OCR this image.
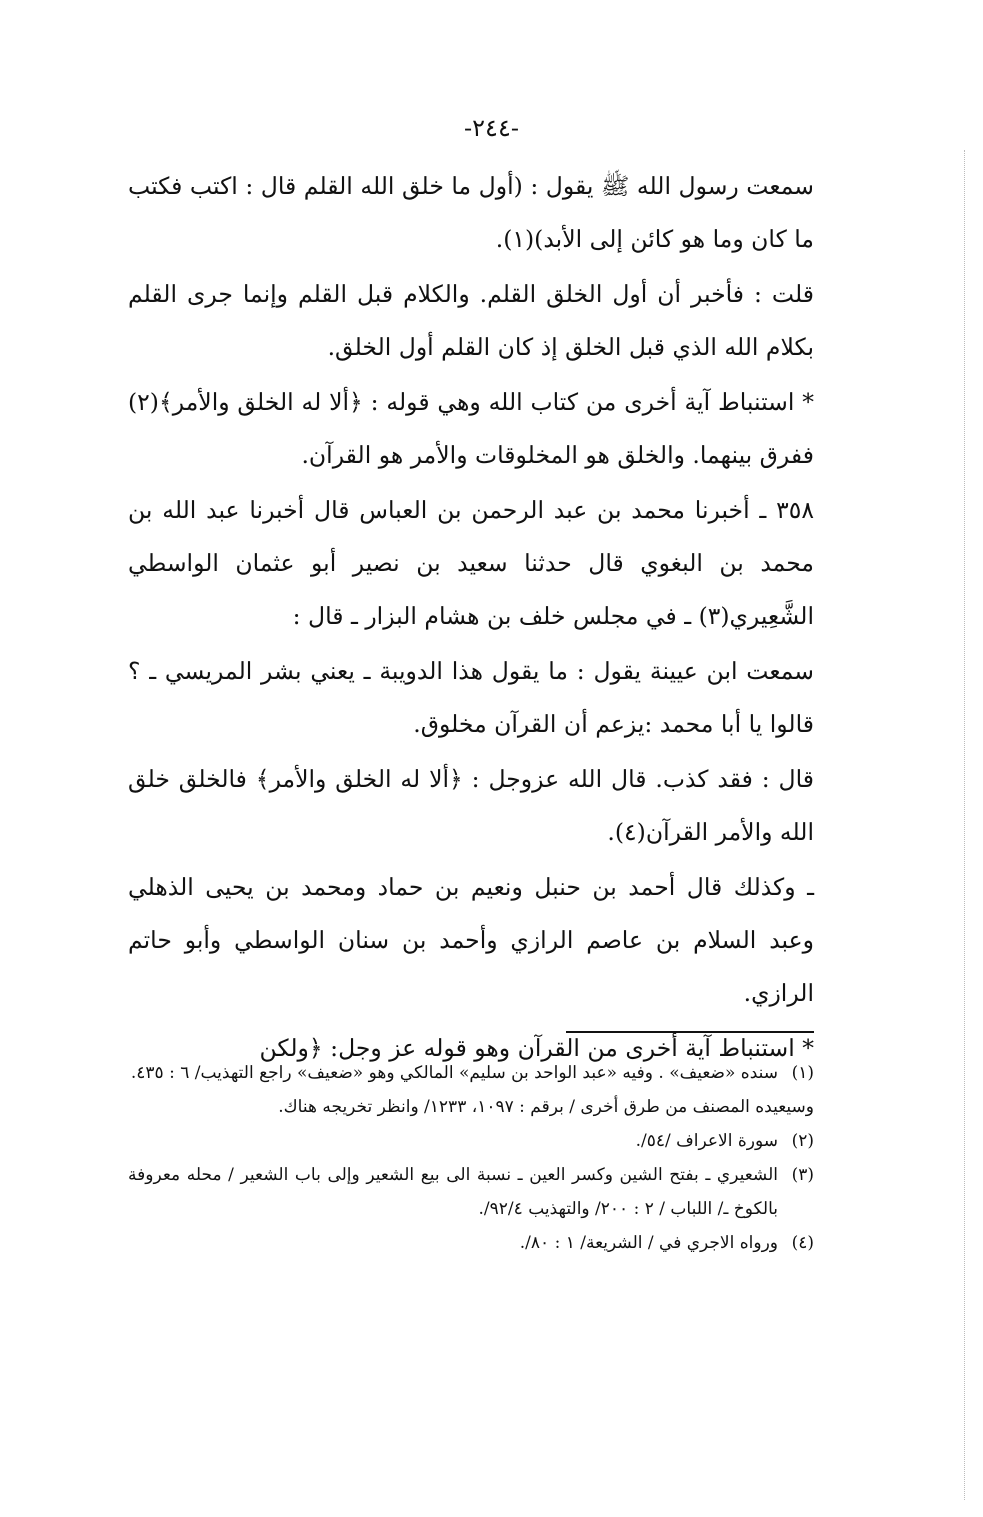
-٢٤٤-

سمعت رسول الله ﷺ يقول : (أول ما خلق الله القلم قال : اكتب فكتب ما كان وما هو كائن إلى الأبد)(١).

قلت : فأخبر أن أول الخلق القلم. والكلام قبل القلم وإنما جرى القلم بكلام الله الذي قبل الخلق إذ كان القلم أول الخلق.

* استنباط آية أخرى من كتاب الله وهي قوله : ﴿ألا له الخلق والأمر﴾(٢) ففرق بينهما. والخلق هو المخلوقات والأمر هو القرآن.

٣٥٨ ـ أخبرنا محمد بن عبد الرحمن بن العباس قال أخبرنا عبد الله بن محمد بن البغوي قال حدثنا سعيد بن نصير أبو عثمان الواسطي الشَّعِيري(٣) ـ في مجلس خلف بن هشام البزار ـ قال :

سمعت ابن عيينة يقول : ما يقول هذا الدويبة ـ يعني بشر المريسي ـ ؟ قالوا يا أبا محمد :يزعم أن القرآن مخلوق.

قال : فقد كذب. قال الله عزوجل : ﴿ألا له الخلق والأمر﴾ فالخلق خلق الله والأمر القرآن(٤).

ـ وكذلك قال أحمد بن حنبل ونعيم بن حماد ومحمد بن يحيى الذهلي وعبد السلام بن عاصم الرازي وأحمد بن سنان الواسطي وأبو حاتم الرازي.

* استنباط آية أخرى من القرآن وهو قوله عز وجل: ﴿ولكن

(١)
سنده «ضعيف» . وفيه «عبد الواحد بن سليم» المالكي وهو «ضعيف» راجع التهذيب/ ٦ : ٤٣٥.

وسيعيده المصنف من طرق أخرى / برقم : ١٠٩٧، ١٢٣٣/ وانظر تخريجه هناك.

(٢)
سورة الاعراف /٥٤/.
(٣)
الشعيري ـ بفتح الشين وكسر العين ـ نسبة الى بيع الشعير وإلى باب الشعير / محله معروفة بالكوخ ـ/ اللباب / ٢ : ٢٠٠/ والتهذيب ٩٢/٤/.
(٤)
ورواه الاجري في / الشريعة/ ١ : ٨٠/.
